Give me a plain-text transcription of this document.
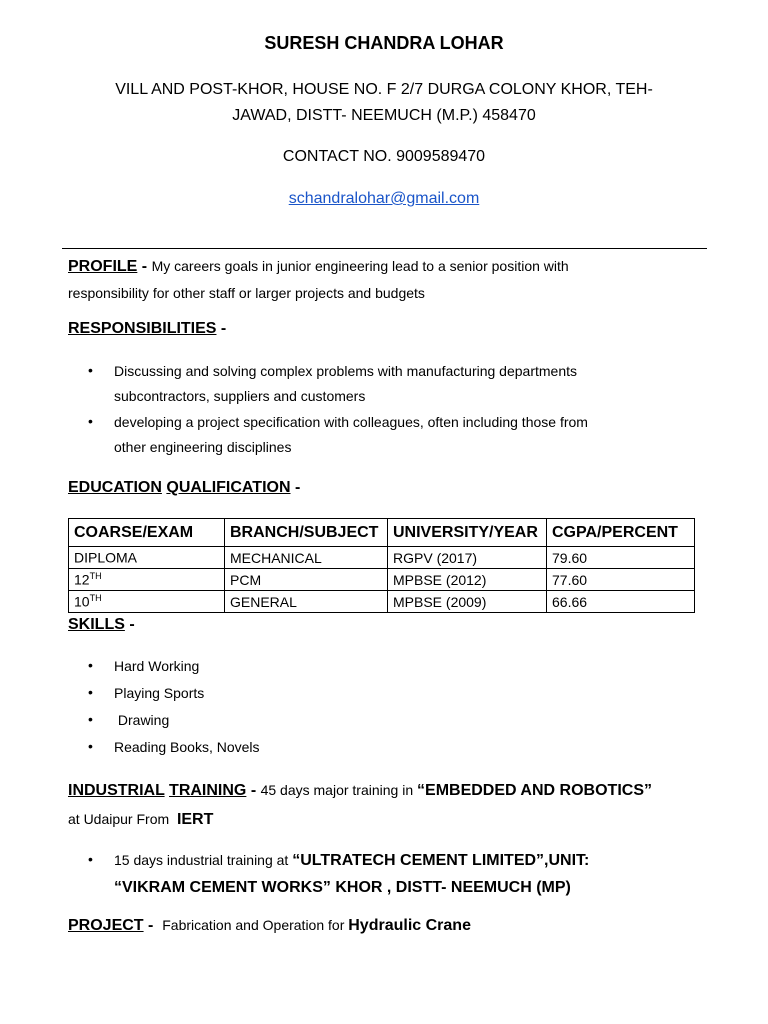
SURESH CHANDRA LOHAR
VILL AND POST-KHOR, HOUSE NO. F 2/7 DURGA COLONY KHOR, TEH-
JAWAD, DISTT- NEEMUCH (M.P.) 458470
CONTACT NO. 9009589470
schandralohar@gmail.com
PROFILE - My careers goals in junior engineering lead to a senior position with
responsibility for other staff or larger projects and budgets
RESPONSIBILITIES -
• Discussing and solving complex problems with manufacturing departments
subcontractors, suppliers and customers
• developing a project specification with colleagues, often including those from
other engineering disciplines
EDUCATION QUALIFICATION -
COARSE/EXAM	BRANCH/SUBJECT	UNIVERSITY/YEAR	CGPA/PERCENT
DIPLOMA	MECHANICAL	RGPV (2017)	79.60
12TH	PCM	MPBSE (2012)	77.60
10TH	GENERAL	MPBSE (2009)	66.66
SKILLS -
• Hard Working
• Playing Sports
• Drawing
• Reading Books, Novels
INDUSTRIAL TRAINING - 45 days major training in “EMBEDDED AND ROBOTICS”
at Udaipur From  IERT
• 15 days industrial training at “ULTRATECH CEMENT LIMITED”,UNIT:
“VIKRAM CEMENT WORKS” KHOR , DISTT- NEEMUCH (MP)
PROJECT -  Fabrication and Operation for Hydraulic Crane
